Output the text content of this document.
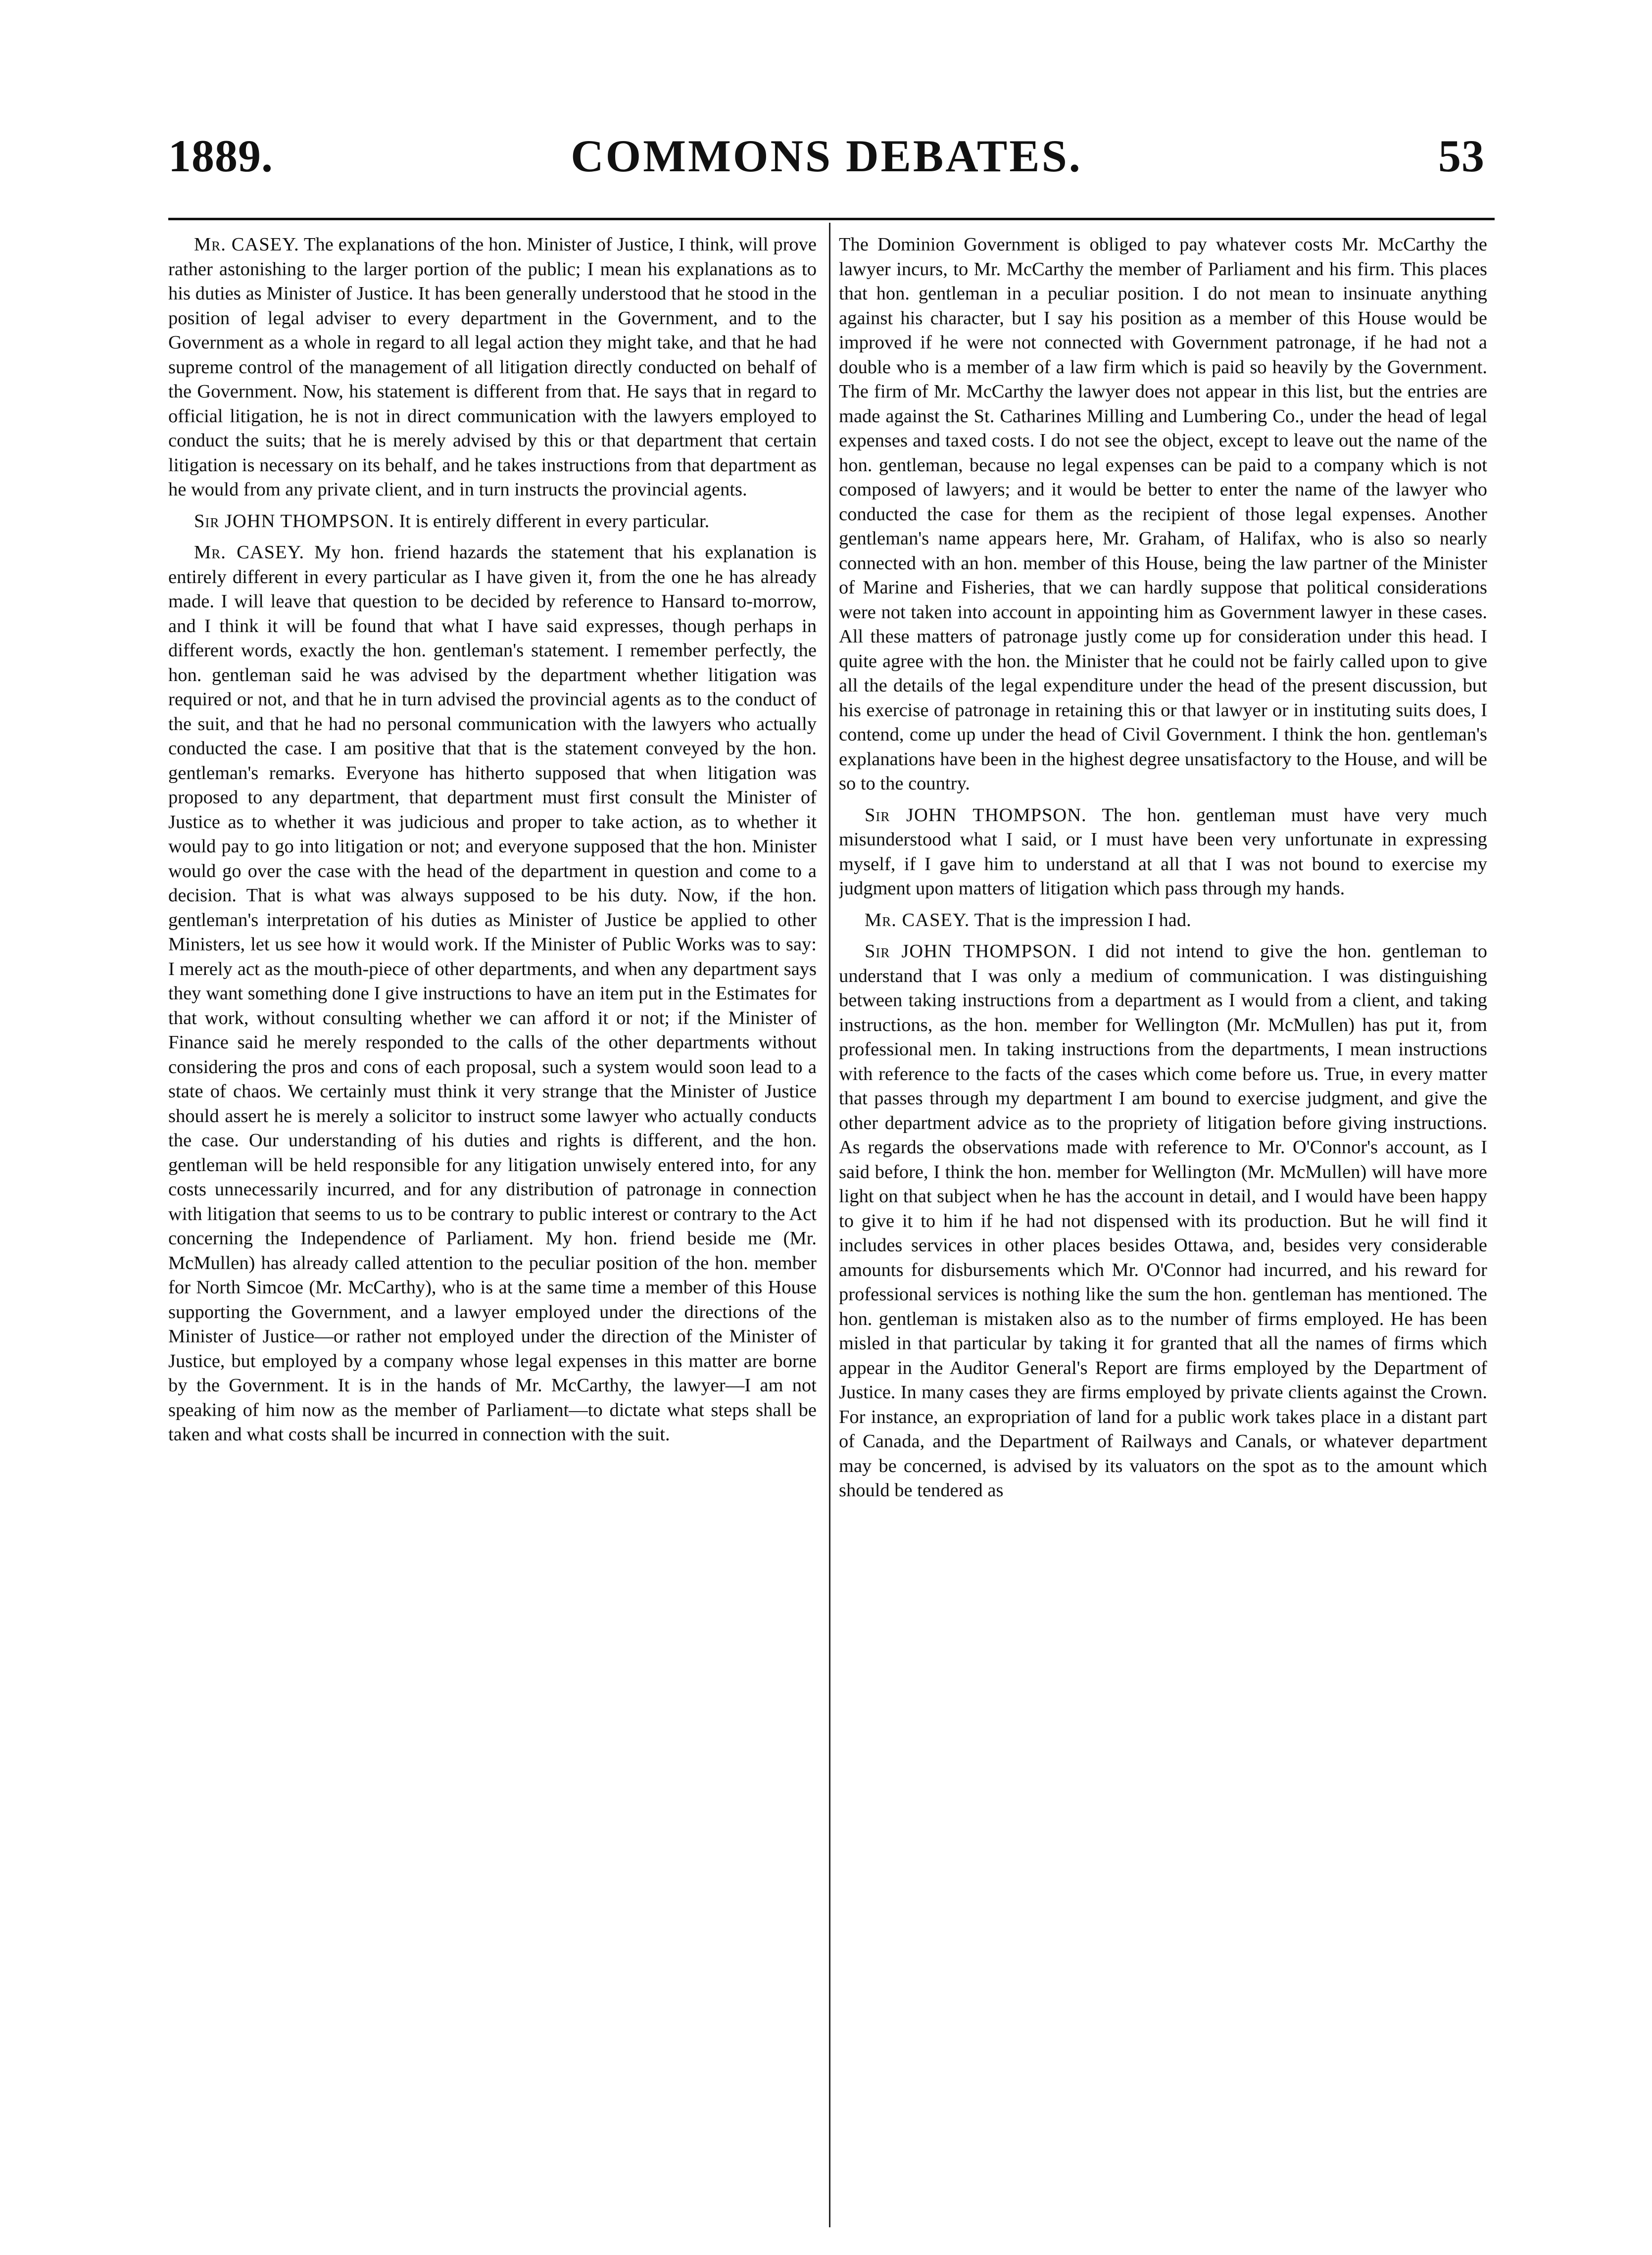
1889.	COMMONS DEBATES.	53

Mr. CASEY. The explanations of the hon. Minister of Justice, I think, will prove rather astonishing to the larger portion of the public; I mean his explanations as to his duties as Minister of Justice. It has been generally understood that he stood in the position of legal adviser to every department in the Government, and to the Government as a whole in regard to all legal action they might take, and that he had supreme control of the management of all litigation directly conducted on behalf of the Government. Now, his statement is different from that. He says that in regard to official litigation, he is not in direct communication with the lawyers employed to conduct the suits; that he is merely advised by this or that department that certain litigation is necessary on its behalf, and he takes instructions from that department as he would from any private client, and in turn instructs the provincial agents.

Sir JOHN THOMPSON. It is entirely different in every particular.

Mr. CASEY. My hon. friend hazards the statement that his explanation is entirely different in every particular as I have given it, from the one he has already made. I will leave that question to be decided by reference to Hansard to-morrow, and I think it will be found that what I have said expresses, though perhaps in different words, exactly the hon. gentleman's statement. I remember perfectly, the hon. gentleman said he was advised by the department whether litigation was required or not, and that he in turn advised the provincial agents as to the conduct of the suit, and that he had no personal communication with the lawyers who actually conducted the case. I am positive that that is the statement conveyed by the hon. gentleman's remarks. Everyone has hitherto supposed that when litigation was proposed to any department, that department must first consult the Minister of Justice as to whether it was judicious and proper to take action, as to whether it would pay to go into litigation or not; and everyone supposed that the hon. Minister would go over the case with the head of the department in question and come to a decision. That is what was always supposed to be his duty. Now, if the hon. gentleman's interpretation of his duties as Minister of Justice be applied to other Ministers, let us see how it would work. If the Minister of Public Works was to say: I merely act as the mouth-piece of other departments, and when any department says they want something done I give instructions to have an item put in the Estimates for that work, without consulting whether we can afford it or not; if the Minister of Finance said he merely responded to the calls of the other departments without considering the pros and cons of each proposal, such a system would soon lead to a state of chaos. We certainly must think it very strange that the Minister of Justice should assert he is merely a solicitor to instruct some lawyer who actually conducts the case. Our understanding of his duties and rights is different, and the hon. gentleman will be held responsible for any litigation unwisely entered into, for any costs unnecessarily incurred, and for any distribution of patronage in connection with litigation that seems to us to be contrary to public interest or contrary to the Act concerning the Independence of Parliament. My hon. friend beside me (Mr. McMullen) has already called attention to the peculiar position of the hon. member for North Simcoe (Mr. McCarthy), who is at the same time a member of this House supporting the Government, and a lawyer employed under the directions of the Minister of Justice—or rather not employed under the direction of the Minister of Justice, but employed by a company whose legal expenses in this matter are borne by the Government. It is in the hands of Mr. McCarthy, the lawyer—I am not speaking of him now as the member of Parliament—to dictate what steps shall be taken and what costs shall be incurred in connection with the suit.

The Dominion Government is obliged to pay whatever costs Mr. McCarthy the lawyer incurs, to Mr. McCarthy the member of Parliament and his firm. This places that hon. gentleman in a peculiar position. I do not mean to insinuate anything against his character, but I say his position as a member of this House would be improved if he were not connected with Government patronage, if he had not a double who is a member of a law firm which is paid so heavily by the Government. The firm of Mr. McCarthy the lawyer does not appear in this list, but the entries are made against the St. Catharines Milling and Lumbering Co., under the head of legal expenses and taxed costs. I do not see the object, except to leave out the name of the hon. gentleman, because no legal expenses can be paid to a company which is not composed of lawyers; and it would be better to enter the name of the lawyer who conducted the case for them as the recipient of those legal expenses. Another gentleman's name appears here, Mr. Graham, of Halifax, who is also so nearly connected with an hon. member of this House, being the law partner of the Minister of Marine and Fisheries, that we can hardly suppose that political considerations were not taken into account in appointing him as Government lawyer in these cases. All these matters of patronage justly come up for consideration under this head. I quite agree with the hon. the Minister that he could not be fairly called upon to give all the details of the legal expenditure under the head of the present discussion, but his exercise of patronage in retaining this or that lawyer or in instituting suits does, I contend, come up under the head of Civil Government. I think the hon. gentleman's explanations have been in the highest degree unsatisfactory to the House, and will be so to the country.

Sir JOHN THOMPSON. The hon. gentleman must have very much misunderstood what I said, or I must have been very unfortunate in expressing myself, if I gave him to understand at all that I was not bound to exercise my judgment upon matters of litigation which pass through my hands.

Mr. CASEY. That is the impression I had.

Sir JOHN THOMPSON. I did not intend to give the hon. gentleman to understand that I was only a medium of communication. I was distinguishing between taking instructions from a department as I would from a client, and taking instructions, as the hon. member for Wellington (Mr. McMullen) has put it, from professional men. In taking instructions from the departments, I mean instructions with reference to the facts of the cases which come before us. True, in every matter that passes through my department I am bound to exercise judgment, and give the other department advice as to the propriety of litigation before giving instructions. As regards the observations made with reference to Mr. O'Connor's account, as I said before, I think the hon. member for Wellington (Mr. McMullen) will have more light on that subject when he has the account in detail, and I would have been happy to give it to him if he had not dispensed with its production. But he will find it includes services in other places besides Ottawa, and, besides very considerable amounts for disbursements which Mr. O'Connor had incurred, and his reward for professional services is nothing like the sum the hon. gentleman has mentioned. The hon. gentleman is mistaken also as to the number of firms employed. He has been misled in that particular by taking it for granted that all the names of firms which appear in the Auditor General's Report are firms employed by the Department of Justice. In many cases they are firms employed by private clients against the Crown. For instance, an expropriation of land for a public work takes place in a distant part of Canada, and the Department of Railways and Canals, or whatever department may be concerned, is advised by its valuators on the spot as to the amount which should be tendered as
